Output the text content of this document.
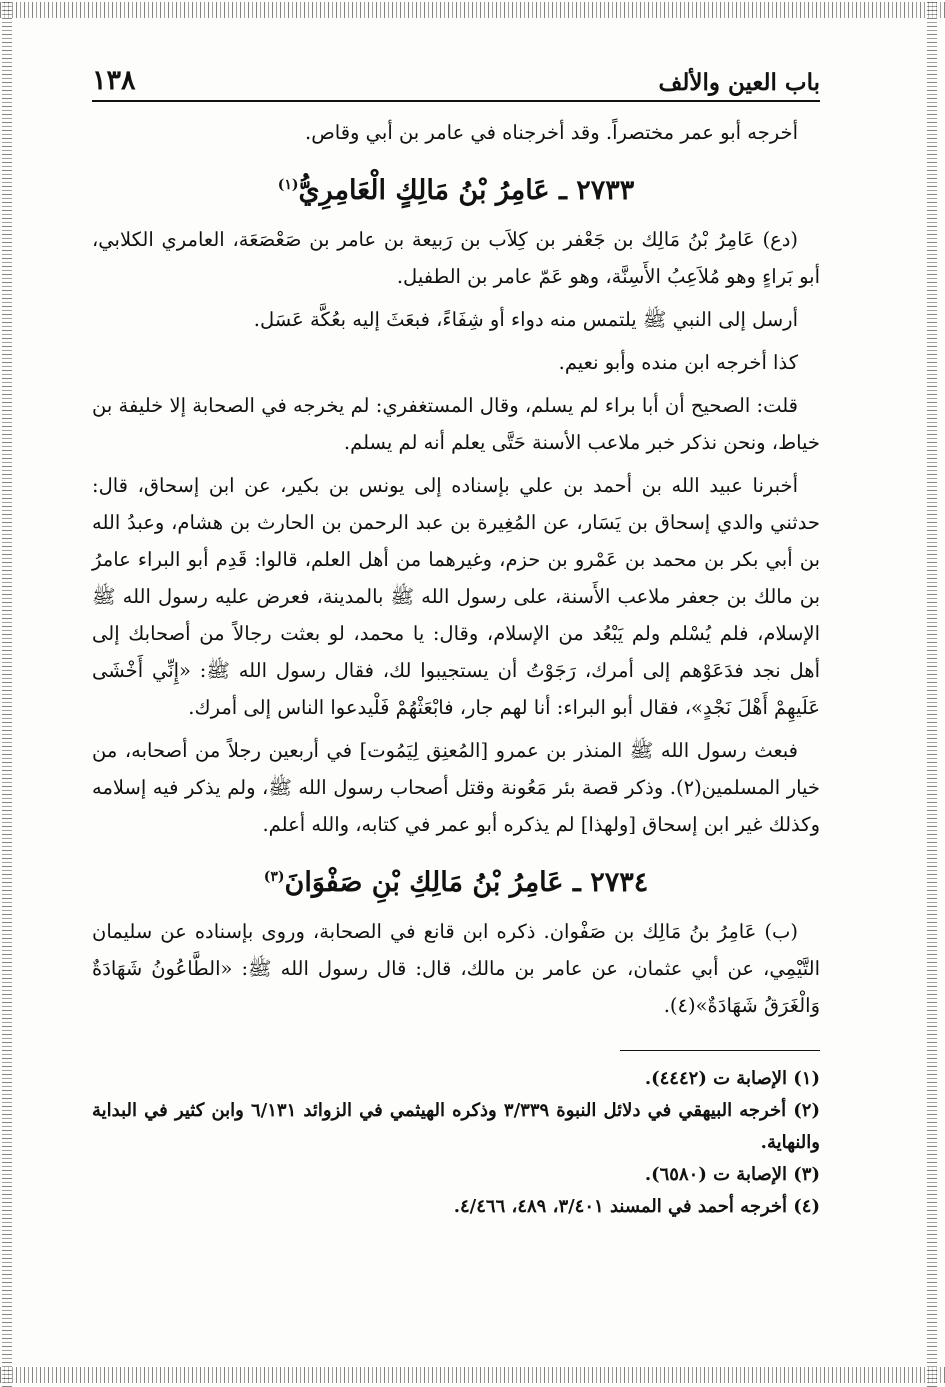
باب العين والألف
١٣٨

أخرجه أبو عمر مختصراً. وقد أخرجناه في عامر بن أبي وقاص.

٢٧٣٣ ـ عَامِرُ بْنُ مَالِكٍ الْعَامِرِيُّ$^{(١)}$

(دع) عَامِرُ بْنُ مَالِك بن جَعْفر بن كِلاَب بن رَبيعة بن عامر بن صَعْصَعَة، العامري الكلابي، أبو بَراءٍ وهو مُلاَعِبُ الأَسِنَّة، وهو عَمّ عامر بن الطفيل.

أرسل إلى النبي ﷺ يلتمس منه دواء أو شِفَاءً، فبعَثَ إليه بعُكَّة عَسَل.

كذا أخرجه ابن منده وأبو نعيم.

قلت: الصحيح أن أبا براء لم يسلم، وقال المستغفري: لم يخرجه في الصحابة إلا خليفة بن خياط، ونحن نذكر خبر ملاعب الأسنة حَتَّى يعلم أنه لم يسلم.

أخبرنا عبيد الله بن أحمد بن علي بإسناده إلى يونس بن بكير، عن ابن إسحاق، قال: حدثني والدي إسحاق بن يَسَار، عن المُغِيرة بن عبد الرحمن بن الحارث بن هشام، وعبدُ الله بن أبي بكر بن محمد بن عَمْرو بن حزم، وغيرهما من أهل العلم، قالوا: قَدِم أبو البراء عامرُ بن مالك بن جعفر ملاعب الأَسنة، على رسول الله ﷺ بالمدينة، فعرض عليه رسول الله ﷺ الإسلام، فلم يُسْلم ولم يَبْعُد من الإسلام، وقال: يا محمد، لو بعثت رجالاً من أصحابك إلى أهل نجد فدَعَوْهم إلى أمرك، رَجَوْتُ أن يستجيبوا لك، فقال رسول الله ﷺ: «إِنِّي أَخْشَى عَلَيهِمْ أَهْلَ نَجْدٍ»، فقال أبو البراء: أنا لهم جار، فابْعَثْهُمْ فَلْيدعوا الناس إلى أمرك.

فبعث رسول الله ﷺ المنذر بن عمرو [المُعنِق لِيَمُوت] في أربعين رجلاً من أصحابه، من خيار المسلمين(٢). وذكر قصة بئر مَعُونة وقتل أصحاب رسول الله ﷺ، ولم يذكر فيه إسلامه وكذلك غير ابن إسحاق [ولهذا] لم يذكره أبو عمر في كتابه، والله أعلم.

٢٧٣٤ ـ عَامِرُ بْنُ مَالِكِ بْنِ صَفْوَانَ$^{(٣)}$

(ب) عَامِرُ بنُ مَالِك بن صَفْوان. ذكره ابن قانع في الصحابة، وروى بإسناده عن سليمان التَّيْمِي، عن أبي عثمان، عن عامر بن مالك، قال: قال رسول الله ﷺ: «الطَّاعُونُ شَهَادَةٌ وَالْغَرَقُ شَهَادَةٌ»(٤).

(١) الإصابة ت (٤٤٤٢).

(٢) أخرجه البيهقي في دلائل النبوة ٣/٣٣٩ وذكره الهيثمي في الزوائد ٦/١٣١ وابن كثير في البداية والنهاية.

(٣) الإصابة ت (٦٥٨٠).

(٤) أخرجه أحمد في المسند ٣/٤٠١، ٤٨٩، ٤/٤٦٦.
